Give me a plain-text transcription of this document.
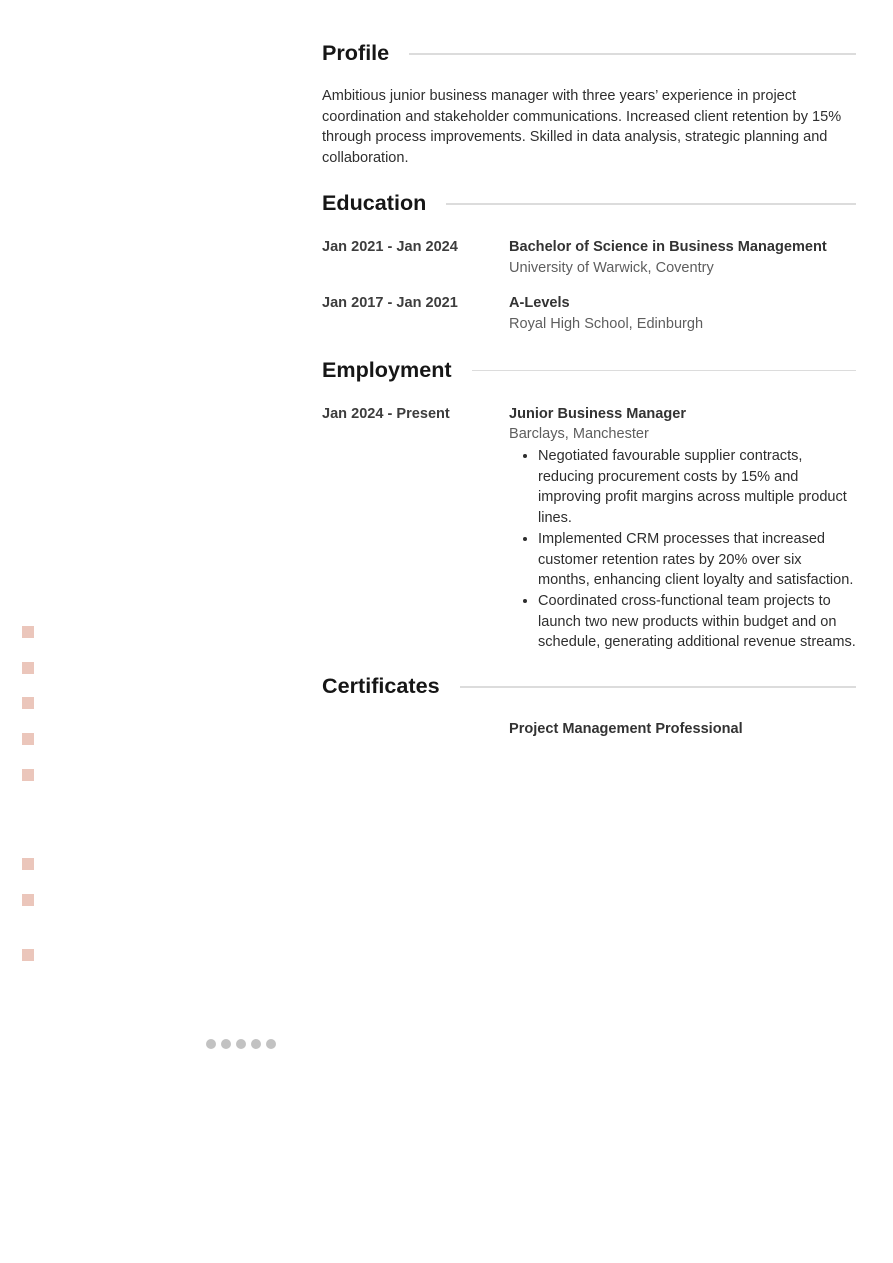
Profile

Ambitious junior business manager with three years’ experience in project coordination and stakeholder communications. Increased client retention by 15% through process improvements. Skilled in data analysis, strategic planning and collaboration.

Education
Jan 2021 - Jan 2024	Bachelor of Science in Business Management
University of Warwick, Coventry
Jan 2017 - Jan 2021	A-Levels
Royal High School, Edinburgh
Employment
Jan 2024 - Present	Junior Business Manager
Barclays, Manchester
• Negotiated favourable supplier contracts, reducing procurement costs by 15% and improving profit margins across multiple product lines.
• Implemented CRM processes that increased customer retention rates by 20% over six months, enhancing client loyalty and satisfaction.
• Coordinated cross-functional team projects to launch two new products within budget and on schedule, generating additional revenue streams.
Certificates
Project Management Professional
